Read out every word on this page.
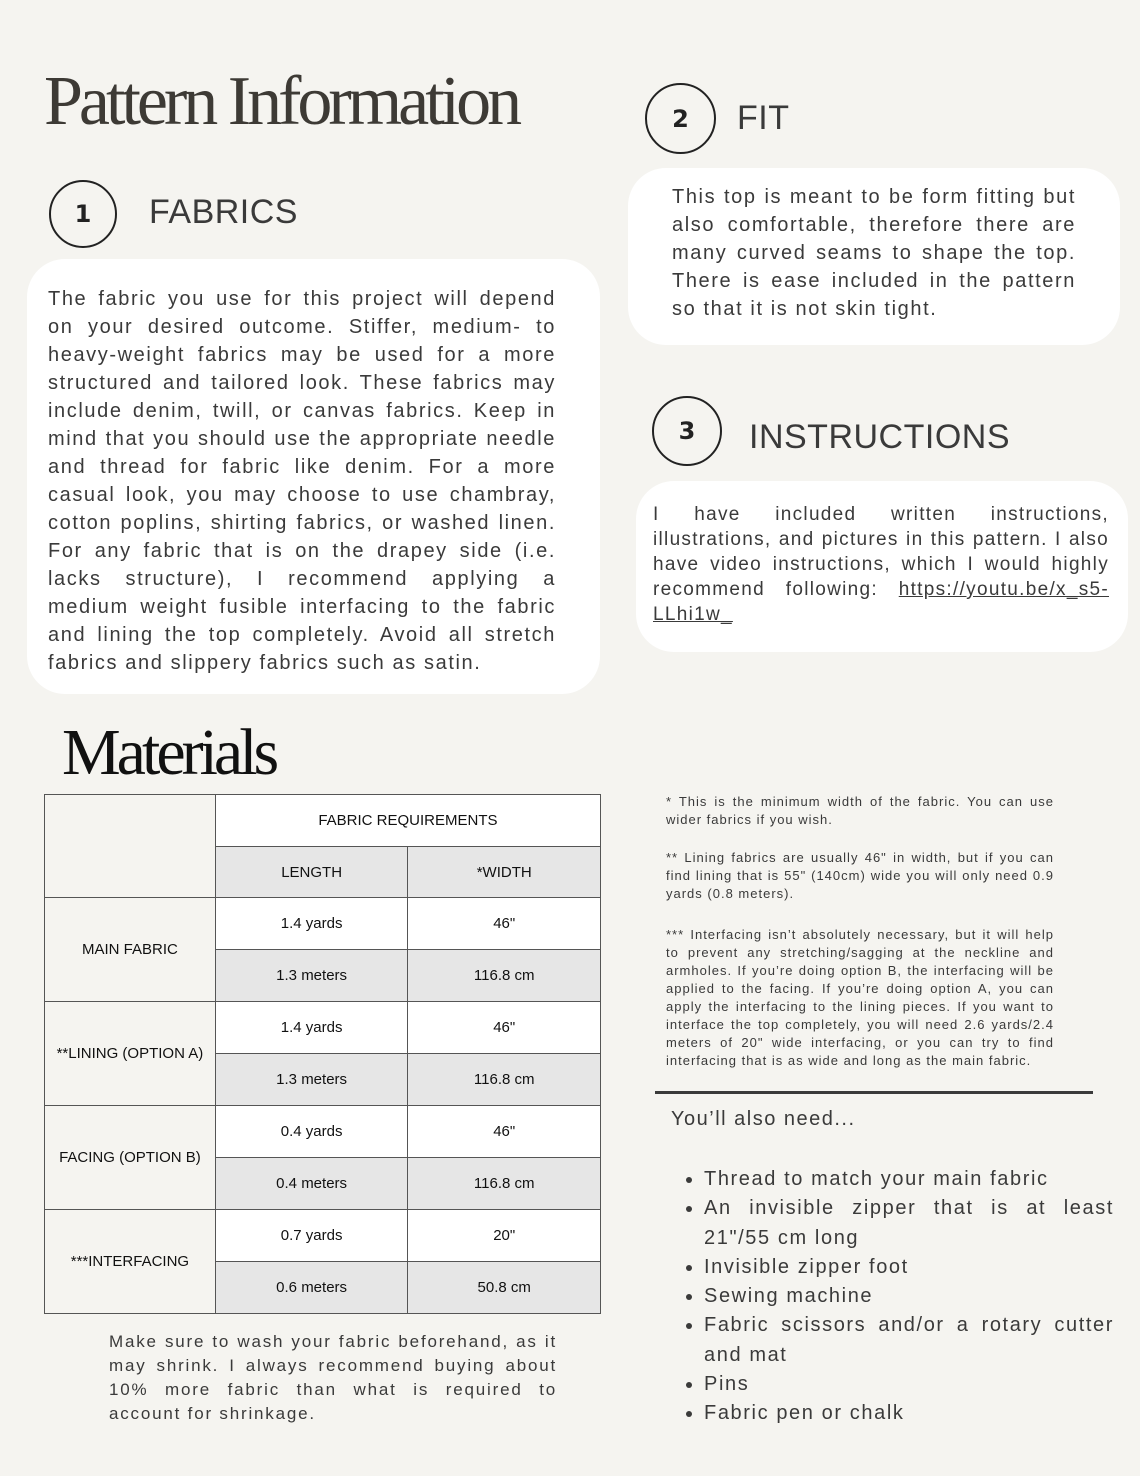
Pattern Information
1	FABRICS
The fabric you use for this project will depend on your desired outcome. Stiffer, medium- to heavy-weight fabrics may be used for a more structured and tailored look. These fabrics may include denim, twill, or canvas fabrics. Keep in mind that you should use the appropriate needle and thread for fabric like denim. For a more casual look, you may choose to use chambray, cotton poplins, shirting fabrics, or washed linen. For any fabric that is on the drapey side (i.e. lacks structure), I recommend applying a medium weight fusible interfacing to the fabric and lining the top completely. Avoid all stretch fabrics and slippery fabrics such as satin.
2	FIT
This top is meant to be form fitting but also comfortable, therefore there are many curved seams to shape the top. There is ease included in the pattern so that it is not skin tight.
3	INSTRUCTIONS
I have included written instructions, illustrations, and pictures in this pattern. I also have video instructions, which I would highly recommend following: https://youtu.be/x_s5-LLhi1w_
Materials
	FABRIC REQUIREMENTS	
	LENGTH	*WIDTH
MAIN FABRIC	1.4 yards	46"
	1.3 meters	116.8 cm
**LINING (OPTION A)	1.4 yards	46"
	1.3 meters	116.8 cm
FACING (OPTION B)	0.4 yards	46"
	0.4 meters	116.8 cm
***INTERFACING	0.7 yards	20"
	0.6 meters	50.8 cm
Make sure to wash your fabric beforehand, as it may shrink. I always recommend buying about 10% more fabric than what is required to account for shrinkage.
* This is the minimum width of the fabric. You can use wider fabrics if you wish.
** Lining fabrics are usually 46" in width, but if you can find lining that is 55" (140cm) wide you will only need 0.9 yards (0.8 meters).
*** Interfacing isn’t absolutely necessary, but it will help to prevent any stretching/sagging at the neckline and armholes. If you’re doing option B, the interfacing will be applied to the facing. If you’re doing option A, you can apply the interfacing to the lining pieces. If you want to interface the top completely, you will need 2.6 yards/2.4 meters of 20" wide interfacing, or you can try to find interfacing that is as wide and long as the main fabric.
You’ll also need...
• Thread to match your main fabric
• An invisible zipper that is at least 21"/55 cm long
• Invisible zipper foot
• Sewing machine
• Fabric scissors and/or a rotary cutter and mat
• Pins
• Fabric pen or chalk
